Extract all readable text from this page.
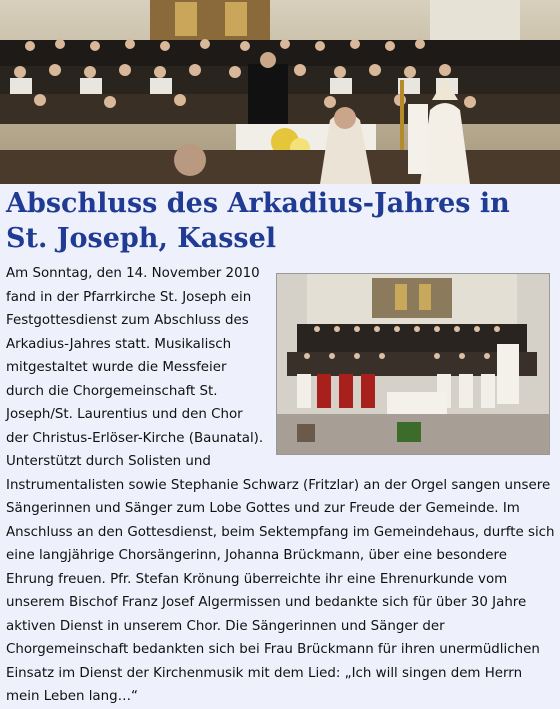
Abschluss des Arkadius-Jahres in St. Joseph, Kassel

Am Sonntag, den 14. November 2010 fand in der Pfarrkirche St. Joseph ein Festgottesdienst zum Abschluss des Arkadius-Jahres statt. Musikalisch mitgestaltet wurde die Messfeier durch die Chorgemeinschaft St. Joseph/St. Laurentius und den Chor der Christus-Erlöser-Kirche (Baunatal). Unterstützt durch Solisten und Instrumentalisten sowie Stephanie Schwarz (Fritzlar) an der Orgel sangen unsere Sängerinnen und Sänger zum Lobe Gottes und zur Freude der Gemeinde. Im Anschluss an den Gottesdienst, beim Sektempfang im Gemeindehaus, durfte sich eine langjährige Chorsängerinn, Johanna Brückmann, über eine besondere Ehrung freuen. Pfr. Stefan Krönung überreichte ihr eine Ehrenurkunde vom unserem Bischof Franz Josef Algermissen und bedankte sich für über 30 Jahre aktiven Dienst in unserem Chor. Die Sängerinnen und Sänger der Chorgemeinschaft bedankten sich bei Frau Brückmann für ihren unermüdlichen Einsatz im Dienst der Kirchenmusik mit dem Lied: „Ich will singen dem Herrn mein Leben lang…“
